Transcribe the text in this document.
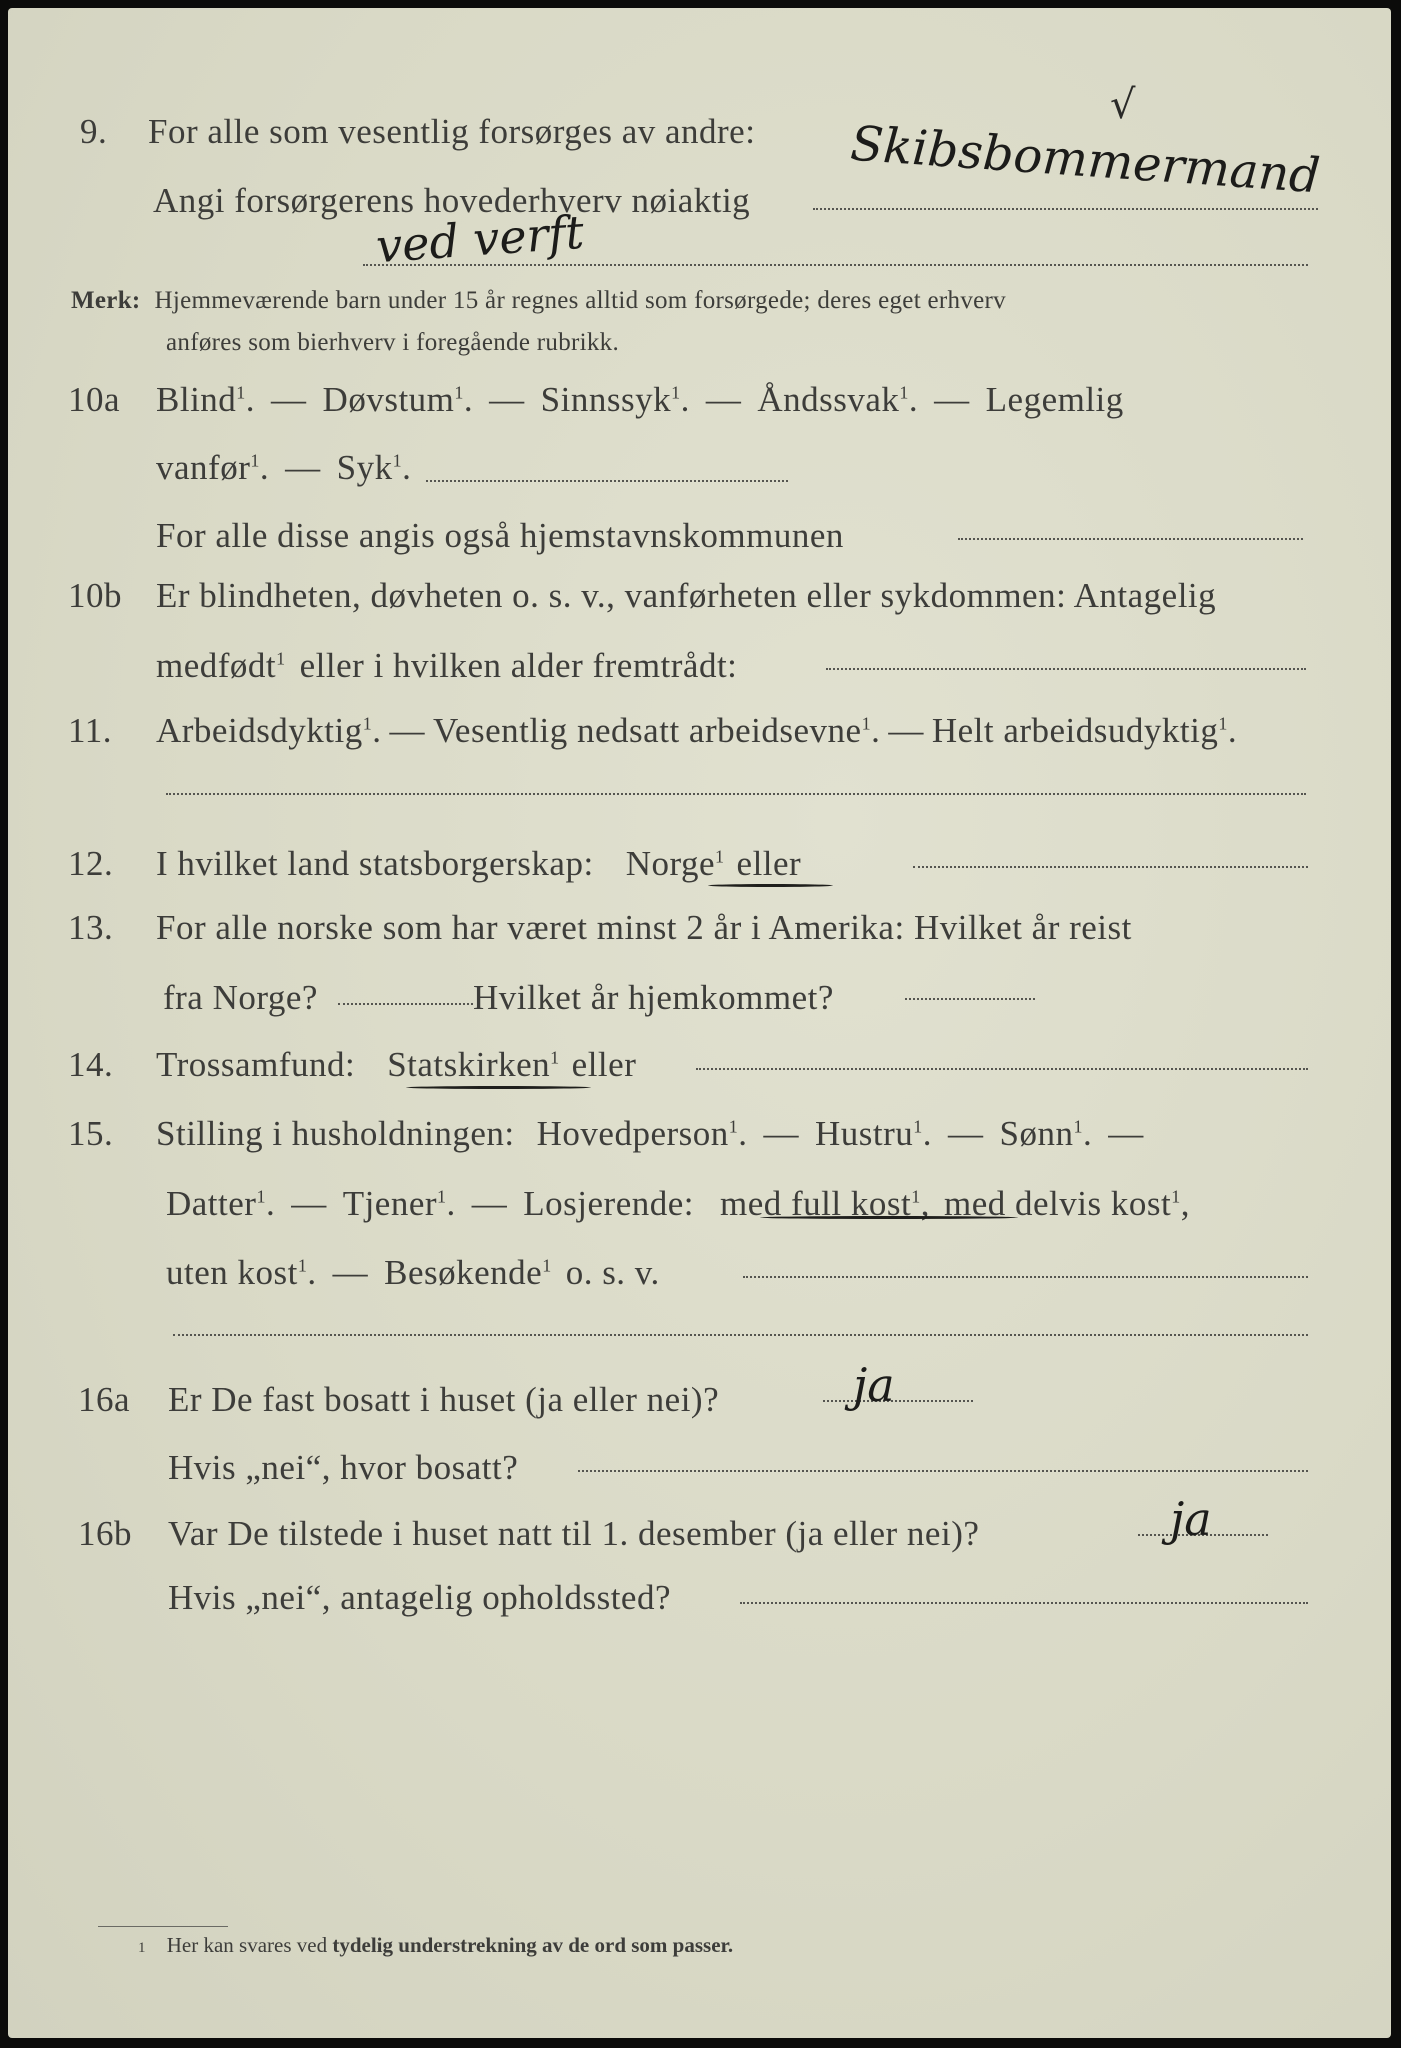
√
9.	For alle som vesentlig forsørges av andre:
Angi forsørgerens hovederhverv nøiaktig Skibsbommermand
ved verft
Merk: Hjemmeværende barn under 15 år regnes alltid som forsørgede; deres eget erhverv
anføres som bierhverv i foregående rubrikk.
10a	Blind$^1$. — Døvstum$^1$. — Sinnssyk$^1$. — Åndssvak$^1$. — Legemlig
vanfør$^1$. — Syk$^1$.
For alle disse angis også hjemstavnskommunen
10b Er blindheten, døvheten o. s. v., vanførheten eller sykdommen: Antagelig
medfødt$^1$ eller i hvilken alder fremtrådt:
11.	Arbeidsdyktig$^1$. — Vesentlig nedsatt arbeidsevne$^1$. — Helt arbeidsudyktig$^1$.
12.	I hvilket land statsborgerskap: Norge$^1$ eller
13.	For alle norske som har været minst 2 år i Amerika: Hvilket år reist
fra Norge?	Hvilket år hjemkommet?
14.	Trossamfund: Statskirken$^1$ eller
15.	Stilling i husholdningen: Hovedperson$^1$. — Hustru$^1$. — Sønn$^1$. —
Datter$^1$. — Tjener$^1$. — Losjerende: med full kost$^1$, med delvis kost$^1$,
uten kost$^1$. — Besøkende$^1$ o. s. v.
16a	Er De fast bosatt i huset (ja eller nei)?	ja
Hvis „nei“, hvor bosatt?
16b	Var De tilstede i huset natt til 1. desember (ja eller nei)?	ja
Hvis „nei“, antagelig opholdssted?
1 Her kan svares ved tydelig understrekning av de ord som passer.
